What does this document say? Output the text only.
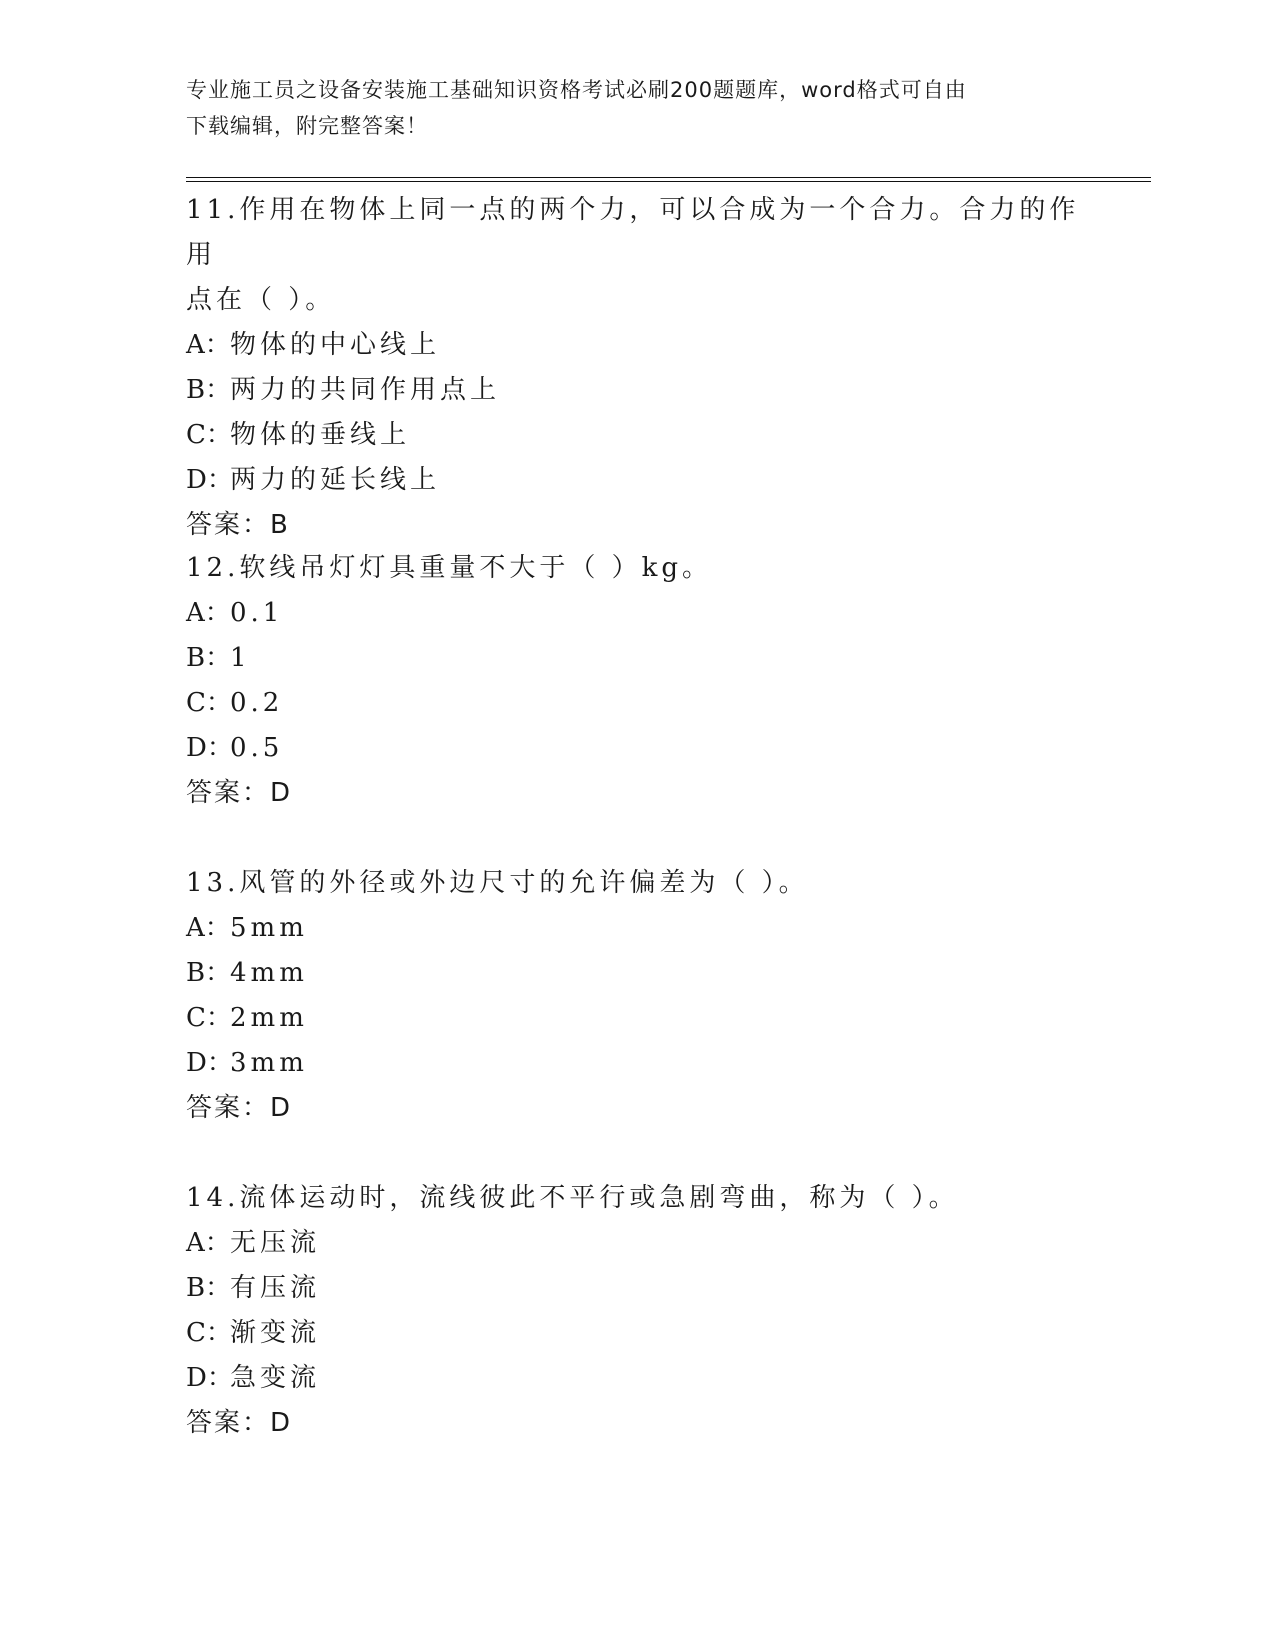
专业施工员之设备安装施工基础知识资格考试必刷200题题库，word格式可自由
下载编辑，附完整答案！

11.作用在物体上同一点的两个力，可以合成为一个合力。合力的作用

点在（ ）。

A：物体的中心线上

B：两力的共同作用点上

C：物体的垂线上

D：两力的延长线上

答案：B

12.软线吊灯灯具重量不大于（ ）kg。

A：0.1

B：1

C：0.2

D：0.5

答案：D

13.风管的外径或外边尺寸的允许偏差为（ ）。

A：5mm

B：4mm

C：2mm

D：3mm

答案：D

14.流体运动时，流线彼此不平行或急剧弯曲，称为（ ）。

A：无压流

B：有压流

C：渐变流

D：急变流

答案：D
